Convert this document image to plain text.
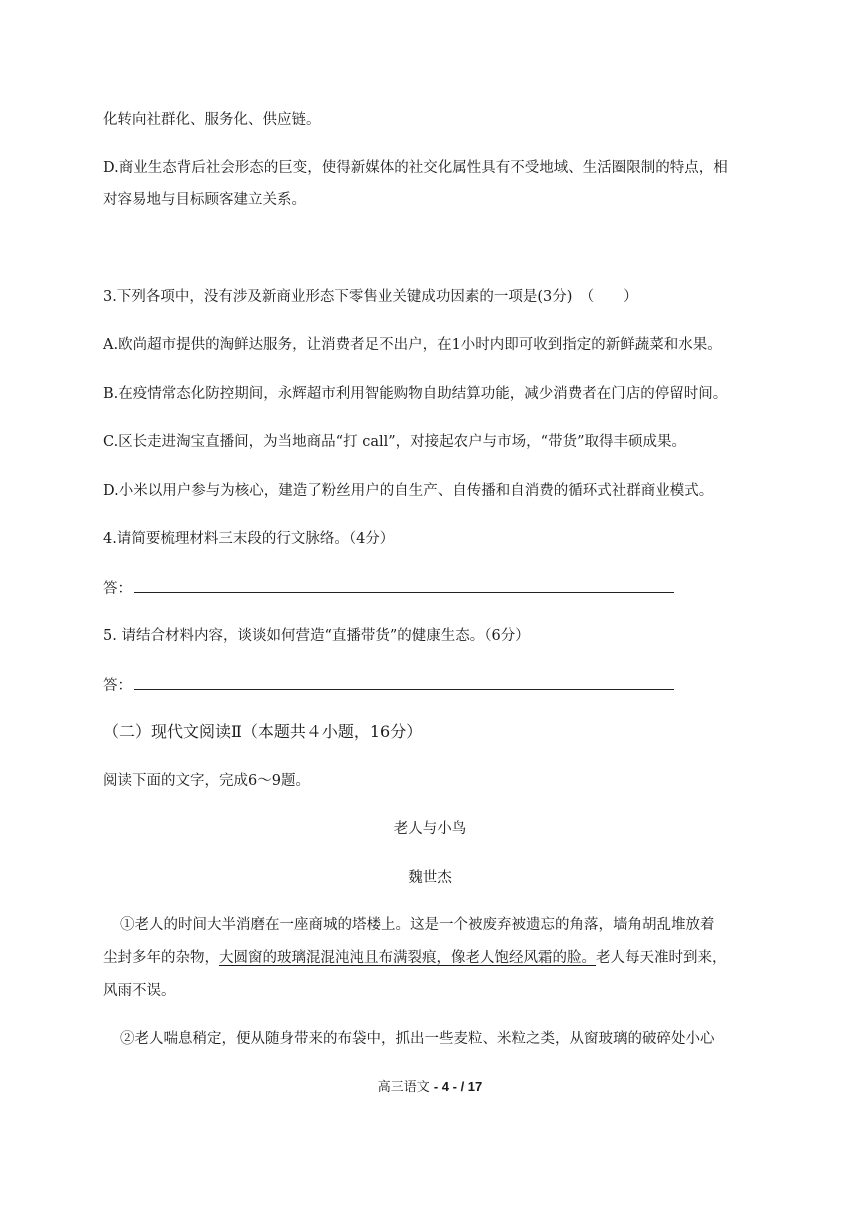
化转向社群化、服务化、供应链。
D.商业生态背后社会形态的巨变，使得新媒体的社交化属性具有不受地域、生活圈限制的特点，相
对容易地与目标顾客建立关系。
3.下列各项中，没有涉及新商业形态下零售业关键成功因素的一项是(3分)　（　　）
A.欧尚超市提供的淘鲜达服务，让消费者足不出户，在1小时内即可收到指定的新鲜蔬菜和水果。
B.在疫情常态化防控期间，永辉超市利用智能购物自助结算功能，减少消费者在门店的停留时间。
C.区长走进淘宝直播间，为当地商品“打 call”，对接起农户与市场，“带货”取得丰硕成果。
D.小米以用户参与为核心，建造了粉丝用户的自生产、自传播和自消费的循环式社群商业模式。
4.请简要梳理材料三末段的行文脉络。（4分）
答：
5. 请结合材料内容，谈谈如何营造“直播带货”的健康生态。（6分）
答：
（二）现代文阅读Ⅱ（本题共４小题，16分）
阅读下面的文字，完成6～9题。
老人与小鸟
魏世杰
①老人的时间大半消磨在一座商城的塔楼上。这是一个被废弃被遗忘的角落，墙角胡乱堆放着
尘封多年的杂物，大圆窗的玻璃混混沌沌且布满裂痕，像老人饱经风霜的脸。老人每天准时到来，
风雨不误。
②老人喘息稍定，便从随身带来的布袋中，抓出一些麦粒、米粒之类，从窗玻璃的破碎处小心
高三语文 - 4 - / 17
